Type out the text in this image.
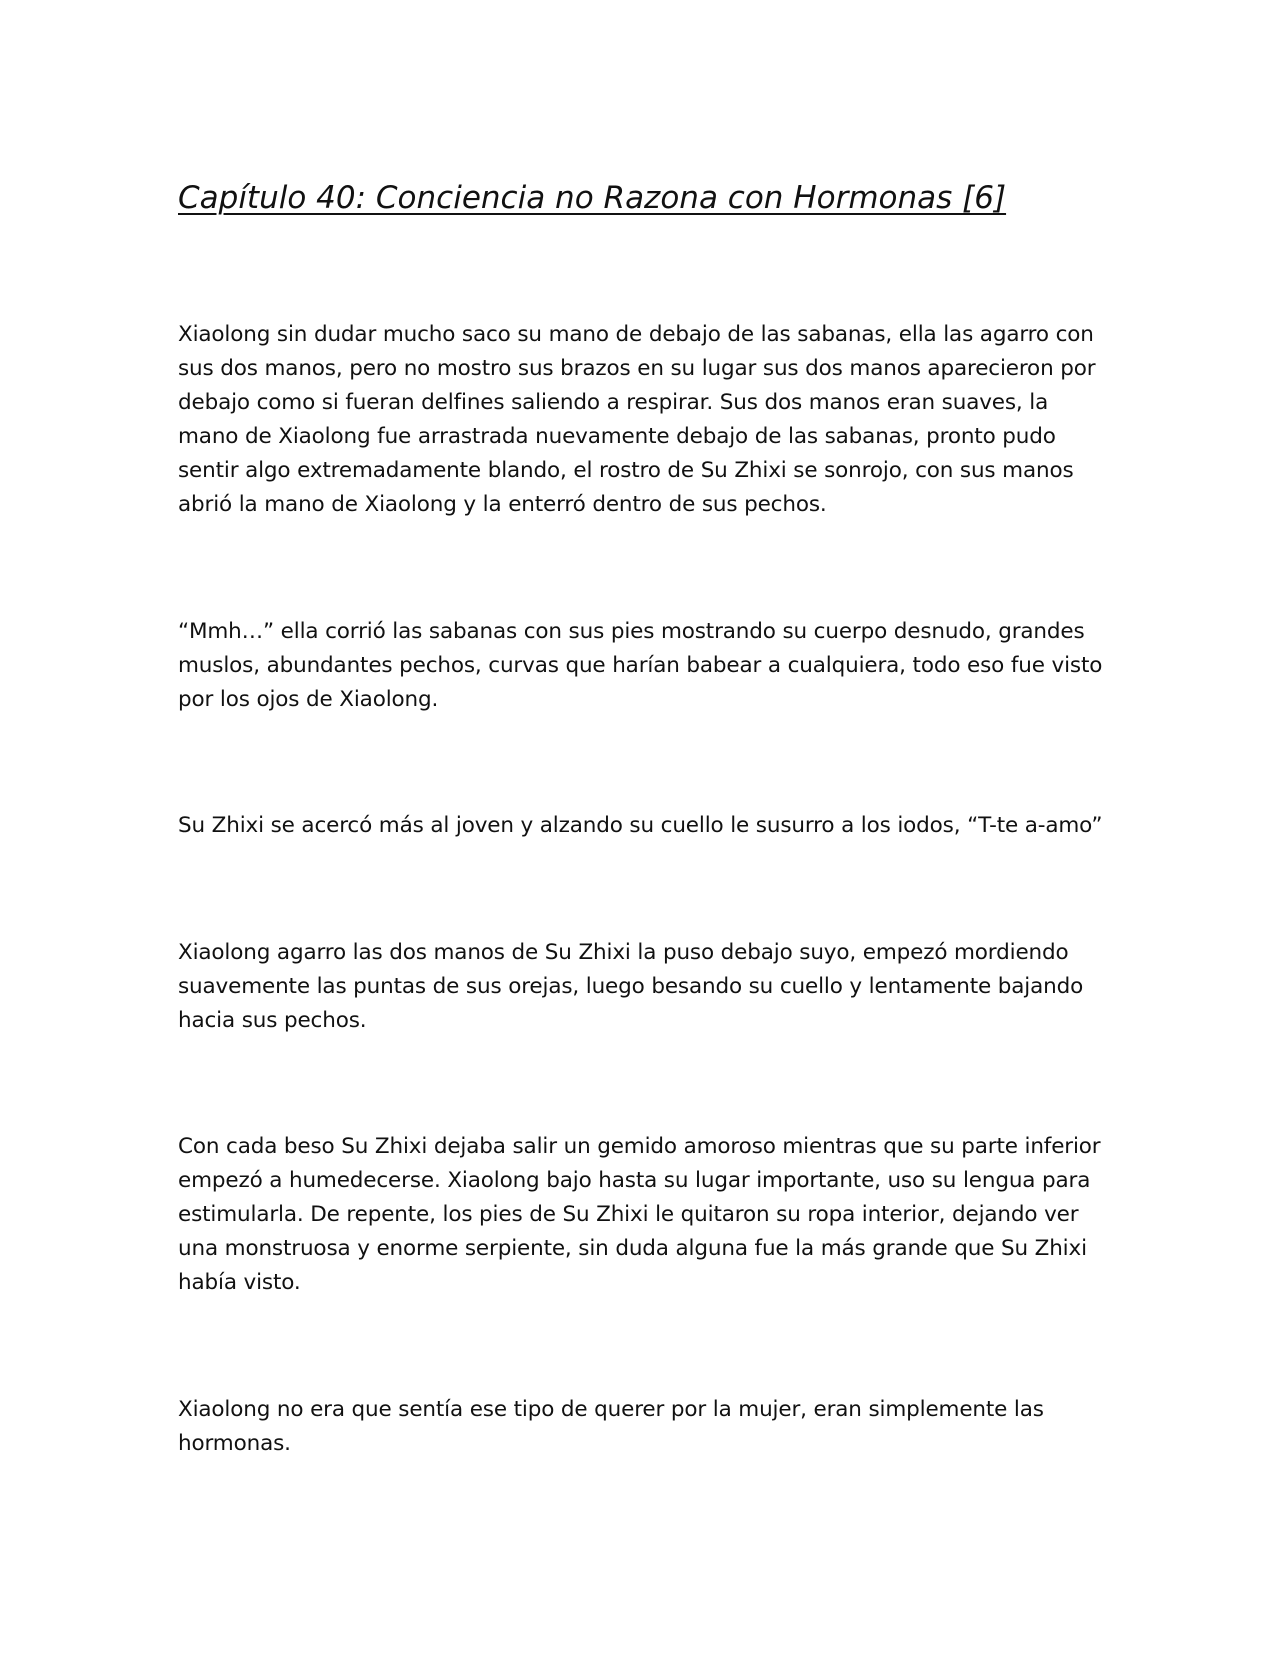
Capítulo 40: Conciencia no Razona con Hormonas [6]

Xiaolong sin dudar mucho saco su mano de debajo de las sabanas, ella las agarro con
sus dos manos, pero no mostro sus brazos en su lugar sus dos manos aparecieron por
debajo como si fueran delfines saliendo a respirar. Sus dos manos eran suaves, la
mano de Xiaolong fue arrastrada nuevamente debajo de las sabanas, pronto pudo
sentir algo extremadamente blando, el rostro de Su Zhixi se sonrojo, con sus manos
abrió la mano de Xiaolong y la enterró dentro de sus pechos.

“Mmh…” ella corrió las sabanas con sus pies mostrando su cuerpo desnudo, grandes
muslos, abundantes pechos, curvas que harían babear a cualquiera, todo eso fue visto
por los ojos de Xiaolong.

Su Zhixi se acercó más al joven y alzando su cuello le susurro a los iodos, “T-te a-amo”

Xiaolong agarro las dos manos de Su Zhixi la puso debajo suyo, empezó mordiendo
suavemente las puntas de sus orejas, luego besando su cuello y lentamente bajando
hacia sus pechos.

Con cada beso Su Zhixi dejaba salir un gemido amoroso mientras que su parte inferior
empezó a humedecerse. Xiaolong bajo hasta su lugar importante, uso su lengua para
estimularla. De repente, los pies de Su Zhixi le quitaron su ropa interior, dejando ver
una monstruosa y enorme serpiente, sin duda alguna fue la más grande que Su Zhixi
había visto.

Xiaolong no era que sentía ese tipo de querer por la mujer, eran simplemente las
hormonas.
